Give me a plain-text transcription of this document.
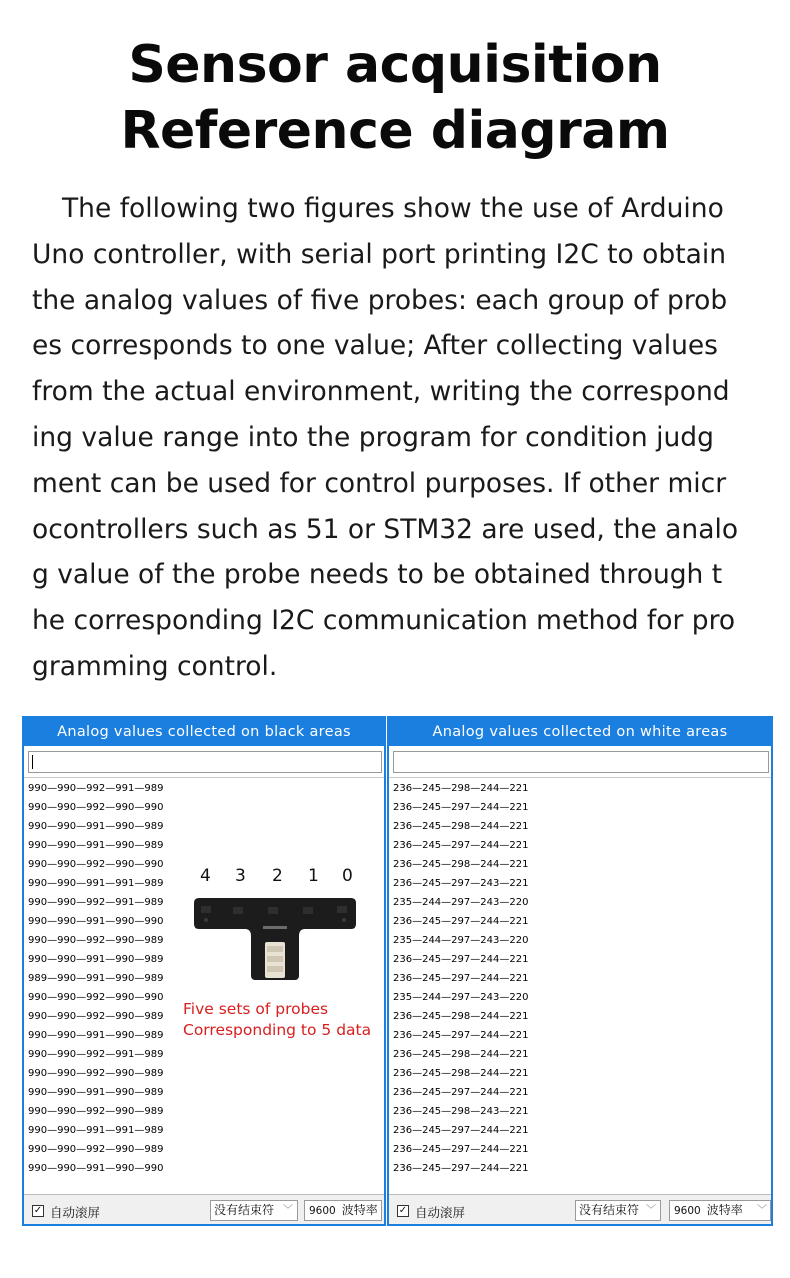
Sensor acquisition
Reference diagram
The following two figures show the use of Arduino
Uno controller, with serial port printing I2C to obtain
the analog values of five probes: each group of prob
es corresponds to one value; After collecting values
from the actual environment, writing the correspond
ing value range into the program for condition judg
ment can be used for control purposes. If other micr
ocontrollers such as 51 or STM32 are used, the analo
g value of the probe needs to be obtained through t
he corresponding I2C communication method for pro
gramming control.
Analog values collected on black areas
990—990—992—991—989
990—990—992—990—990
990—990—991—990—989
990—990—991—990—989
990—990—992—990—990
990—990—991—991—989
990—990—992—991—989
990—990—991—990—990
990—990—992—990—989
990—990—991—990—989
989—990—991—990—989
990—990—992—990—990
990—990—992—990—989
990—990—991—990—989
990—990—992—991—989
990—990—992—990—989
990—990—991—990—989
990—990—992—990—989
990—990—991—991—989
990—990—992—990—989
990—990—991—990—990
✓ 自动滚屏	没有结束符 ﹀	9600 波特率
Analog values collected on white areas
236—245—298—244—221
236—245—297—244—221
236—245—298—244—221
236—245—297—244—221
236—245—298—244—221
236—245—297—243—221
235—244—297—243—220
236—245—297—244—221
235—244—297—243—220
236—245—297—244—221
236—245—297—244—221
235—244—297—243—220
236—245—298—244—221
236—245—297—244—221
236—245—298—244—221
236—245—298—244—221
236—245—297—244—221
236—245—298—243—221
236—245—297—244—221
236—245—297—244—221
236—245—297—244—221
✓ 自动滚屏	没有结束符 ﹀	9600 波特率 ﹀
4 3 2 1 0
Five sets of probes
Corresponding to 5 data
